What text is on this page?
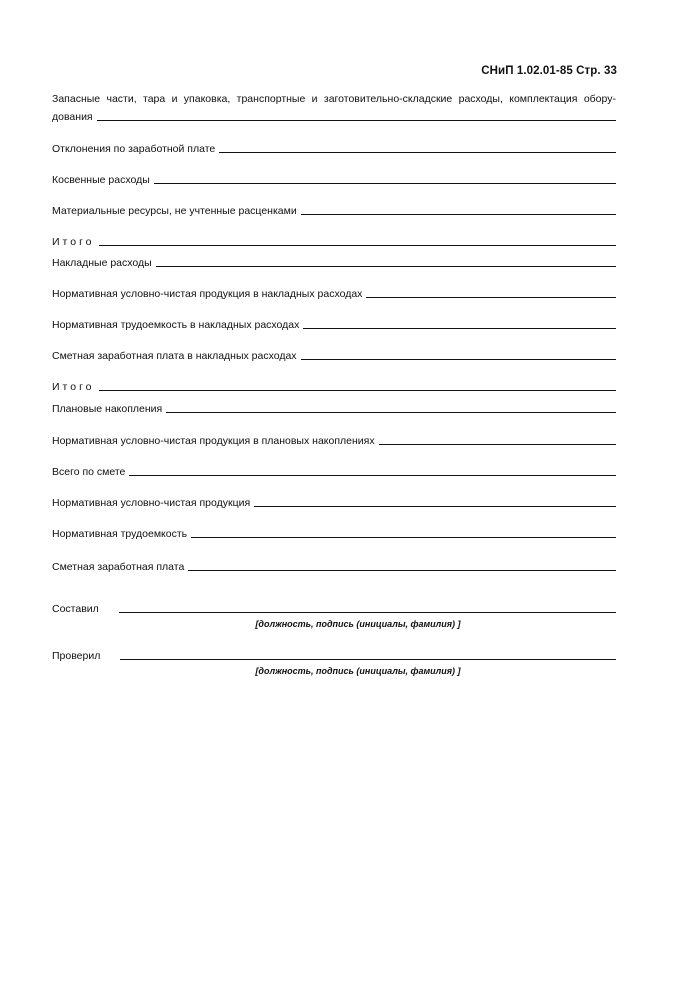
СНиП 1.02.01-85 Стр. 33
Запасные части, тара и упаковка, транспортные и заготовительно-складские расходы, комплектация обору-
дования
Отклонения по заработной плате
Косвенные расходы
Материальные ресурсы, не учтенные расценками
Итого
Накладные расходы
Нормативная условно-чистая продукция в накладных расходах
Нормативная трудоемкость в накладных расходах
Сметная заработная плата в накладных расходах
Итого
Плановые накопления
Нормативная условно-чистая продукция в плановых накоплениях
Всего по смете
Нормативная условно-чистая продукция
Нормативная трудоемкость
Сметная заработная плата
Составил
[должность, подпись (инициалы, фамилия) ]
Проверил
[должность, подпись (инициалы, фамилия) ]
